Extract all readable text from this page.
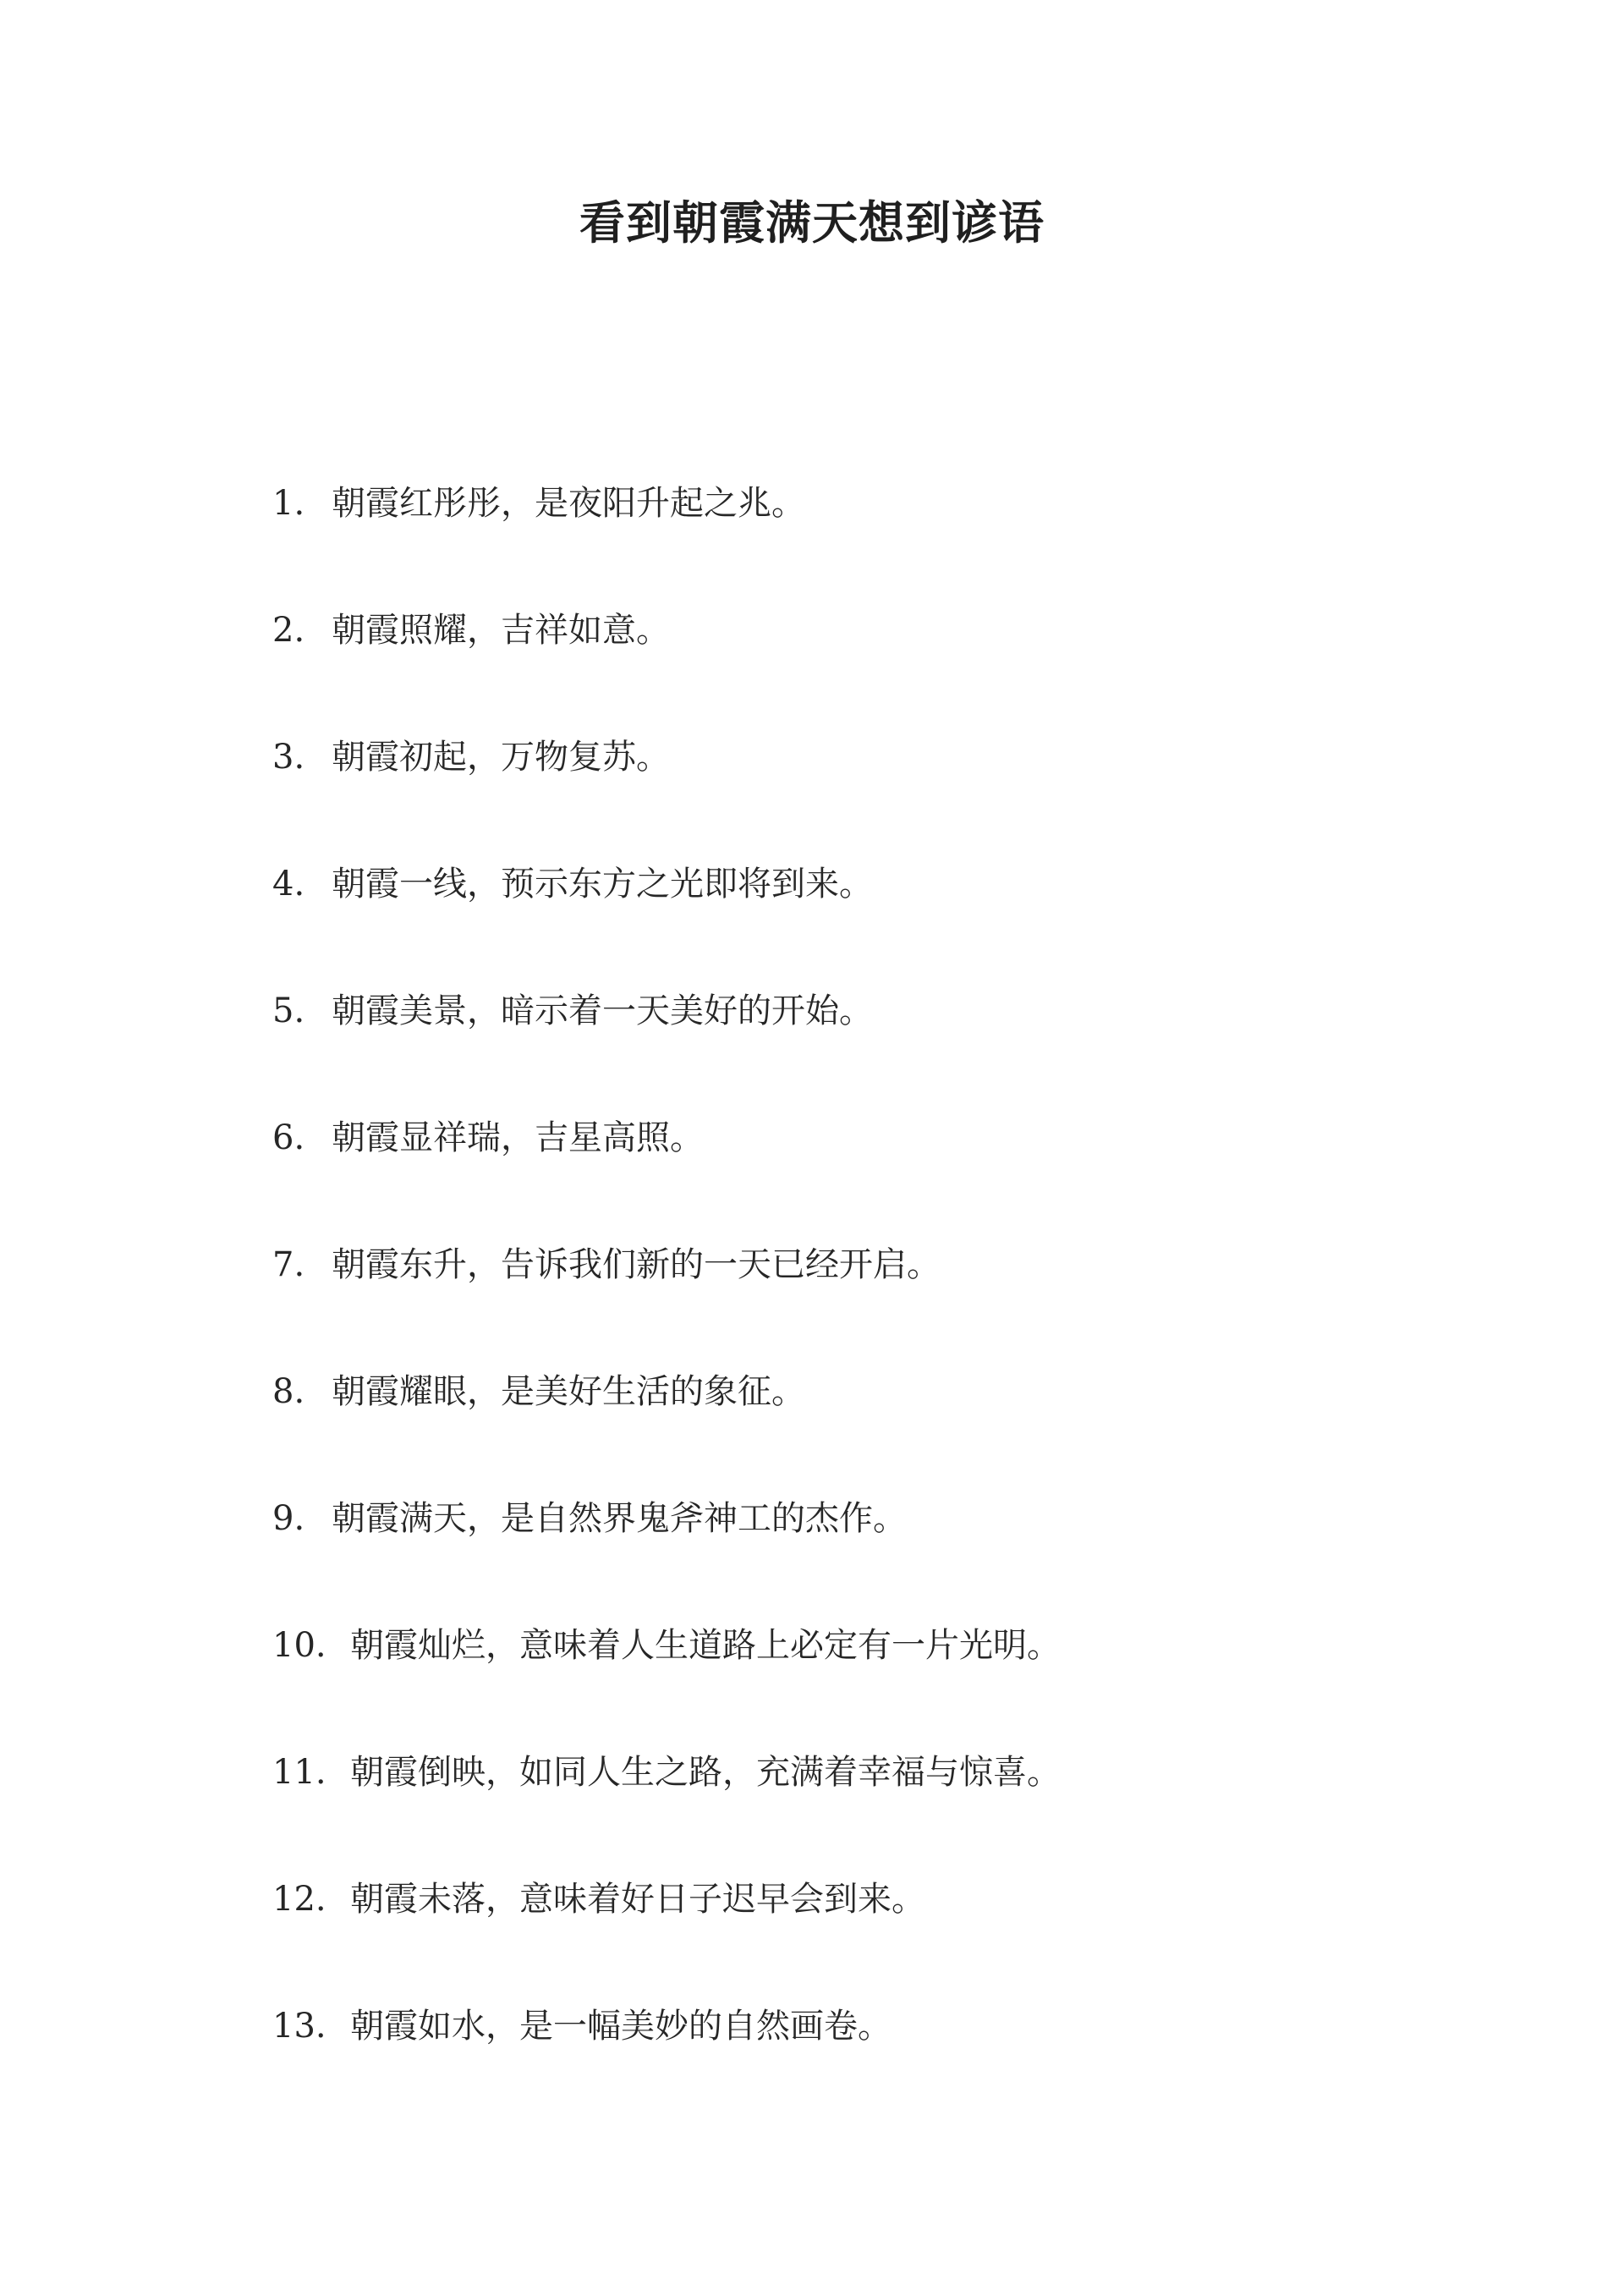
看到朝霞满天想到谚语
1. 朝霞红彤彤，是夜阳升起之兆。
2. 朝霞照耀，吉祥如意。
3. 朝霞初起，万物复苏。
4. 朝霞一线，预示东方之光即将到来。
5. 朝霞美景，暗示着一天美好的开始。
6. 朝霞显祥瑞，吉星高照。
7. 朝霞东升，告诉我们新的一天已经开启。
8. 朝霞耀眼，是美好生活的象征。
9. 朝霞满天，是自然界鬼斧神工的杰作。
10. 朝霞灿烂，意味着人生道路上必定有一片光明。
11. 朝霞倒映，如同人生之路，充满着幸福与惊喜。
12. 朝霞未落，意味着好日子迟早会到来。
13. 朝霞如水，是一幅美妙的自然画卷。
